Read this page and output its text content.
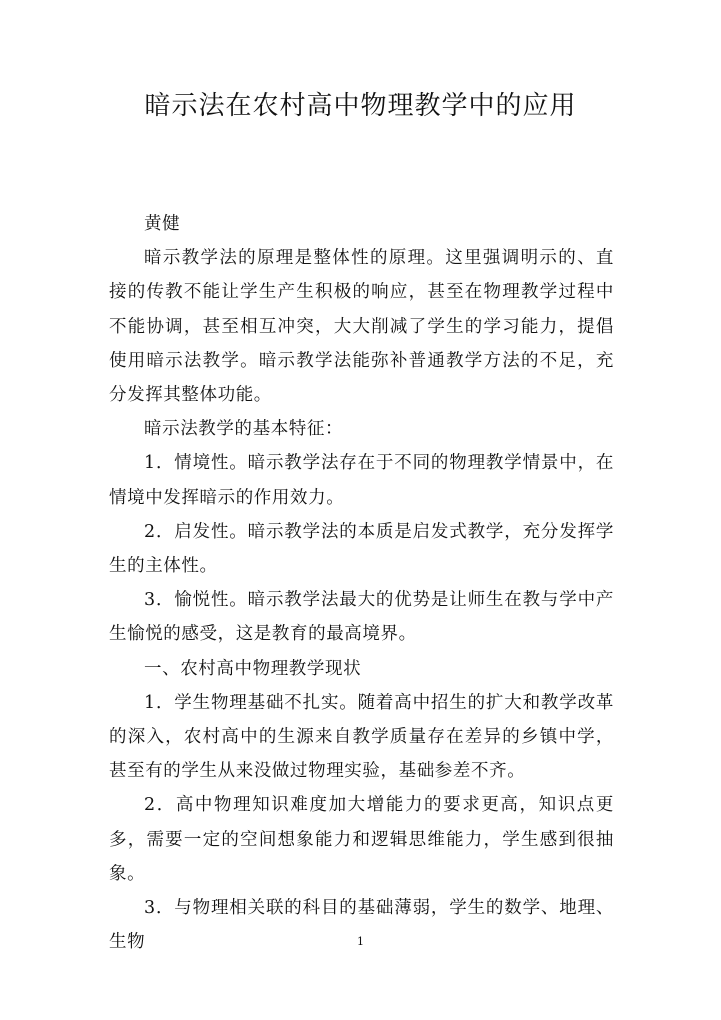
暗示法在农村高中物理教学中的应用

黄健

暗示教学法的原理是整体性的原理。这里强调明示的、直接的传教不能让学生产生积极的响应，甚至在物理教学过程中不能协调，甚至相互冲突，大大削减了学生的学习能力，提倡使用暗示法教学。暗示教学法能弥补普通教学方法的不足，充分发挥其整体功能。

暗示法教学的基本特征：

1．情境性。暗示教学法存在于不同的物理教学情景中，在情境中发挥暗示的作用效力。

2．启发性。暗示教学法的本质是启发式教学，充分发挥学生的主体性。

3．愉悦性。暗示教学法最大的优势是让师生在教与学中产生愉悦的感受，这是教育的最高境界。

一、农村高中物理教学现状

1．学生物理基础不扎实。随着高中招生的扩大和教学改革的深入，农村高中的生源来自教学质量存在差异的乡镇中学，甚至有的学生从来没做过物理实验，基础参差不齐。

2．高中物理知识难度加大增能力的要求更高，知识点更多，需要一定的空间想象能力和逻辑思维能力，学生感到很抽象。

3．与物理相关联的科目的基础薄弱，学生的数学、地理、生物	1
